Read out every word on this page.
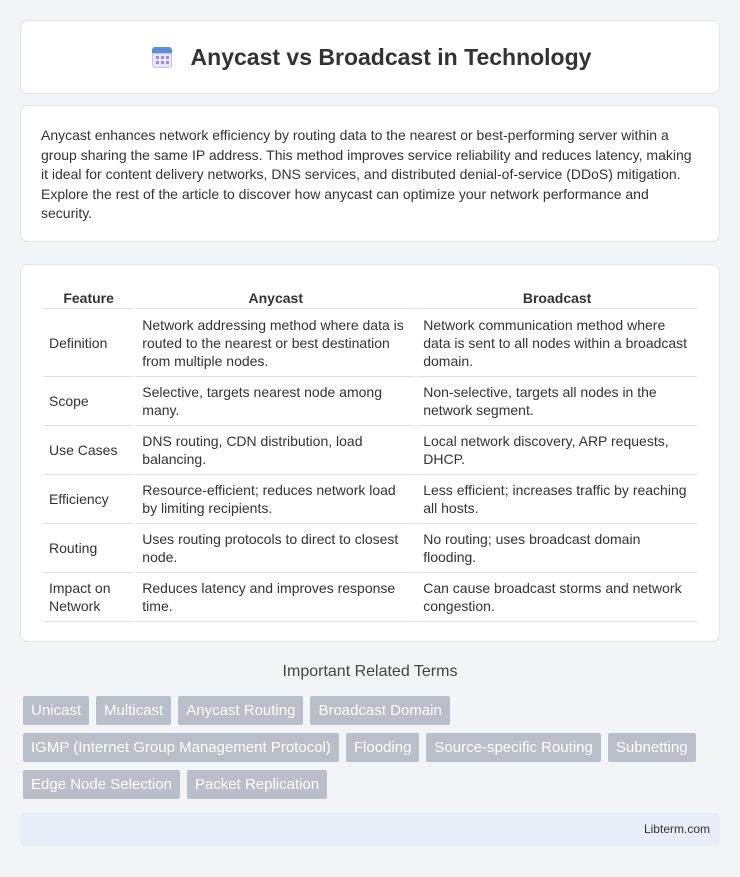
Anycast vs Broadcast in Technology

Anycast enhances network efficiency by routing data to the nearest or best-performing server within a group sharing the same IP address. This method improves service reliability and reduces latency, making it ideal for content delivery networks, DNS services, and distributed denial-of-service (DDoS) mitigation. Explore the rest of the article to discover how anycast can optimize your network performance and security.

Feature	Anycast	Broadcast
Definition	Network addressing method where data is routed to the nearest or best destination from multiple nodes.	Network communication method where data is sent to all nodes within a broadcast domain.
Scope	Selective, targets nearest node among many.	Non-selective, targets all nodes in the network segment.
Use Cases	DNS routing, CDN distribution, load balancing.	Local network discovery, ARP requests, DHCP.
Efficiency	Resource-efficient; reduces network load by limiting recipients.	Less efficient; increases traffic by reaching all hosts.
Routing	Uses routing protocols to direct to closest node.	No routing; uses broadcast domain flooding.
Impact on Network	Reduces latency and improves response time.	Can cause broadcast storms and network congestion.
Important Related Terms
Unicast	Multicast	Anycast Routing	Broadcast Domain
IGMP (Internet Group Management Protocol)	Flooding	Source-specific Routing	Subnetting
Edge Node Selection	Packet Replication
Libterm.com
